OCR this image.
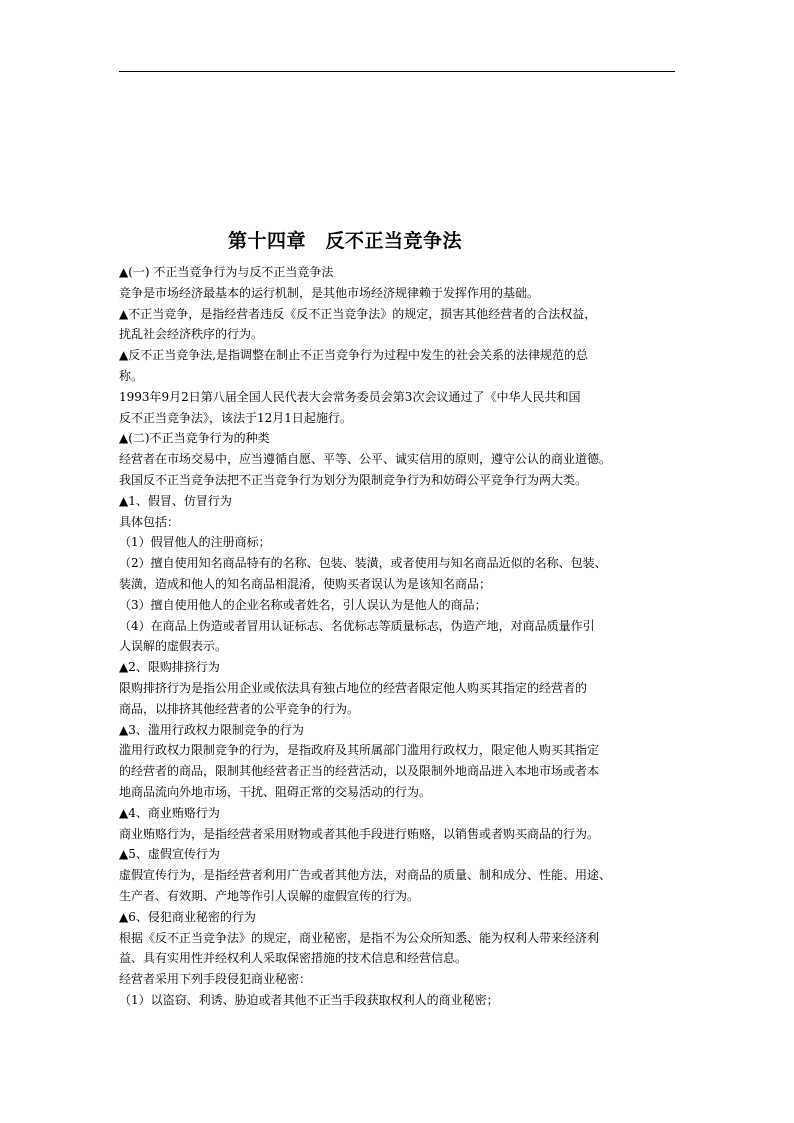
第十四章　反不正当竞争法

▲(一) 不正当竞争行为与反不正当竞争法

竞争是市场经济最基本的运行机制，是其他市场经济规律赖于发挥作用的基础。

▲不正当竞争，是指经营者违反《反不正当竞争法》的规定，损害其他经营者的合法权益，

扰乱社会经济秩序的行为。

▲反不正当竞争法,是指调整在制止不正当竞争行为过程中发生的社会关系的法律规范的总

称。

1993年9月2日第八届全国人民代表大会常务委员会第3次会议通过了《中华人民共和国

反不正当竞争法》，该法于12月1日起施行。

▲(二)不正当竞争行为的种类

经营者在市场交易中，应当遵循自愿、平等、公平、诚实信用的原则，遵守公认的商业道德。

我国反不正当竞争法把不正当竞争行为划分为限制竞争行为和妨碍公平竞争行为两大类。

▲1、假冒、仿冒行为

具体包括：

（1）假冒他人的注册商标；

（2）擅自使用知名商品特有的名称、包装、装潢，或者使用与知名商品近似的名称、包装、

装潢，造成和他人的知名商品相混淆，使购买者误认为是该知名商品；

（3）擅自使用他人的企业名称或者姓名，引人误认为是他人的商品；

（4）在商品上伪造或者冒用认证标志、名优标志等质量标志，伪造产地，对商品质量作引

人误解的虚假表示。

▲2、限购排挤行为

限购排挤行为是指公用企业或依法具有独占地位的经营者限定他人购买其指定的经营者的

商品，以排挤其他经营者的公平竞争的行为。

▲3、滥用行政权力限制竞争的行为

滥用行政权力限制竞争的行为，是指政府及其所属部门滥用行政权力，限定他人购买其指定

的经营者的商品，限制其他经营者正当的经营活动，以及限制外地商品进入本地市场或者本

地商品流向外地市场，干扰、阻碍正常的交易活动的行为。

▲4、商业贿赂行为

商业贿赂行为，是指经营者采用财物或者其他手段进行贿赂，以销售或者购买商品的行为。

▲5、虚假宣传行为

虚假宣传行为，是指经营者利用广告或者其他方法，对商品的质量、制和成分、性能、用途、

生产者、有效期、产地等作引人误解的虚假宣传的行为。

▲6、侵犯商业秘密的行为

根据《反不正当竞争法》的规定，商业秘密，是指不为公众所知悉、能为权利人带来经济利

益、具有实用性并经权利人采取保密措施的技术信息和经营信息。

经营者采用下列手段侵犯商业秘密：

（1）以盗窃、利诱、胁迫或者其他不正当手段获取权利人的商业秘密；
